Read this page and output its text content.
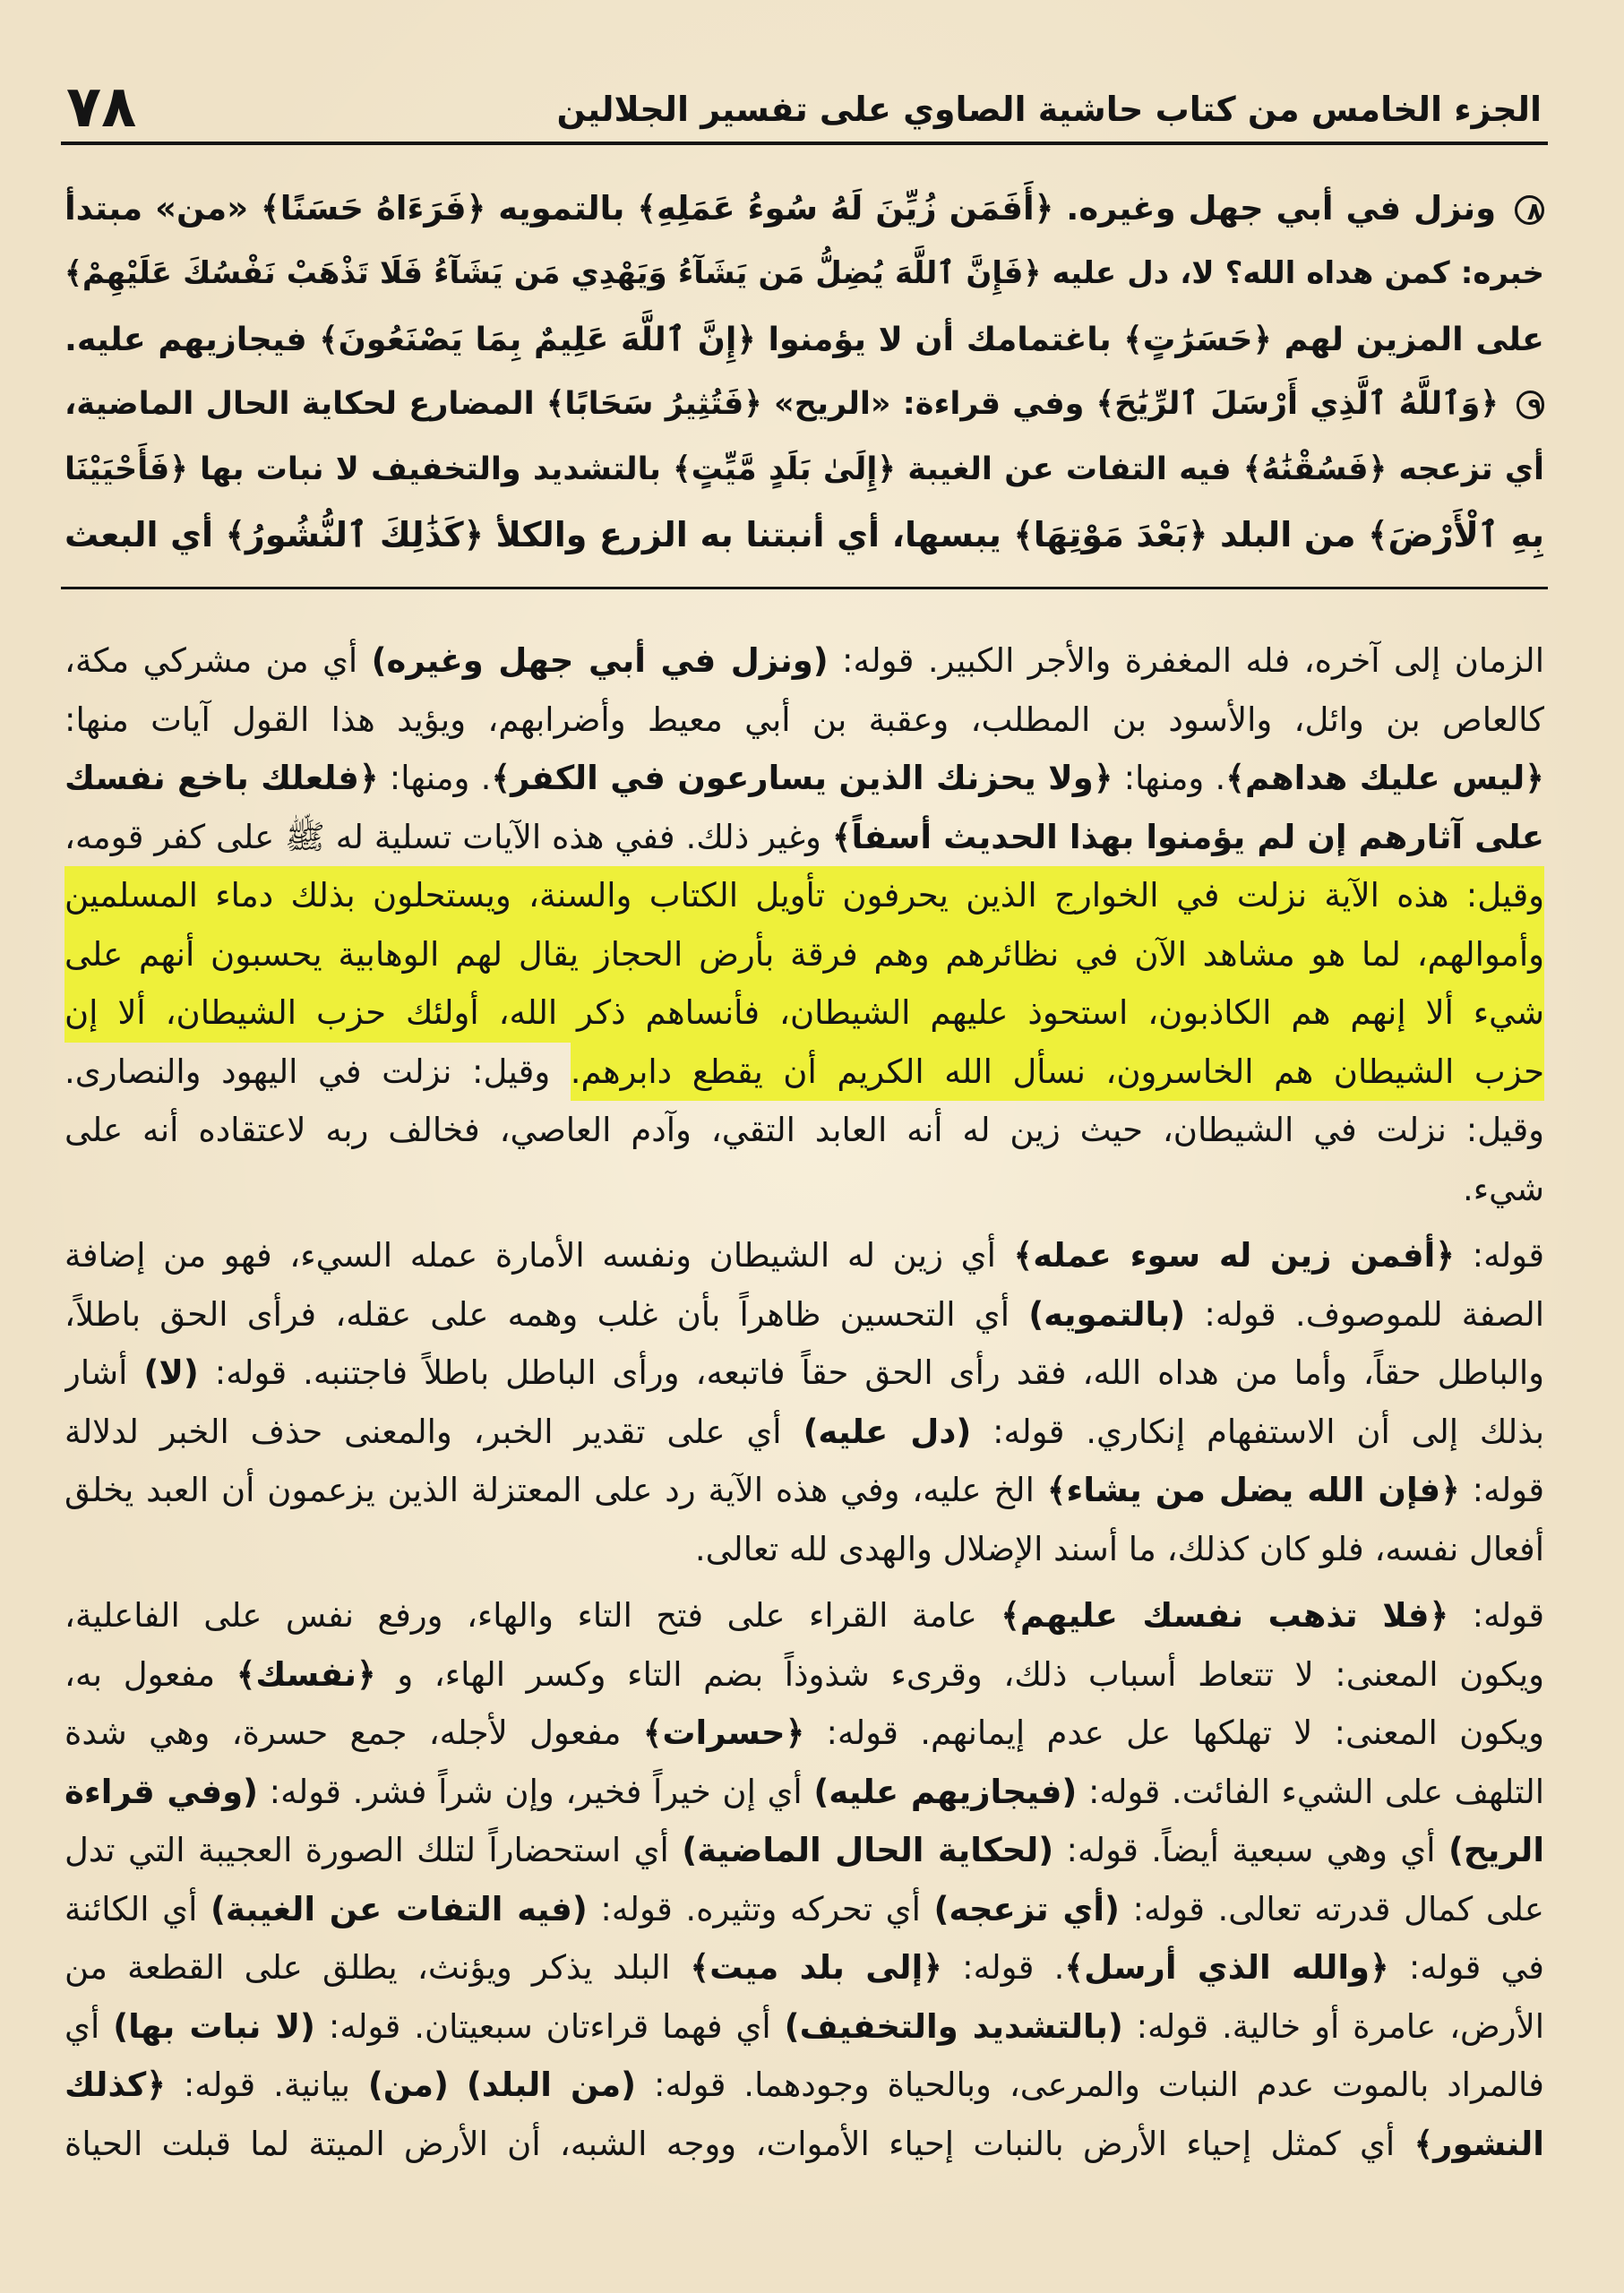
٧٨	الجزء الخامس من كتاب حاشية الصاوي على تفسير الجلالين
٨ ونزل في أبي جهل وغيره. ﴿أَفَمَن زُيِّنَ لَهُ سُوءُ عَمَلِهِ﴾ بالتمويه ﴿فَرَءَاهُ حَسَنًا﴾ «من» مبتدأ
خبره: كمن هداه الله؟ لا، دل عليه ﴿فَإِنَّ ٱللَّهَ يُضِلُّ مَن يَشَآءُ وَيَهْدِي مَن يَشَآءُ فَلَا تَذْهَبْ نَفْسُكَ عَلَيْهِمْ﴾
على المزين لهم ﴿حَسَرَٰتٍ﴾ باغتمامك أن لا يؤمنوا ﴿إِنَّ ٱللَّهَ عَلِيمٌ بِمَا يَصْنَعُونَ﴾ فيجازيهم عليه.
٩ ﴿وَٱللَّهُ ٱلَّذِي أَرْسَلَ ٱلرِّيَٰحَ﴾ وفي قراءة: «الريح» ﴿فَتُثِيرُ سَحَابًا﴾ المضارع لحكاية الحال الماضية،
أي تزعجه ﴿فَسُقْنَٰهُ﴾ فيه التفات عن الغيبة ﴿إِلَىٰ بَلَدٍ مَّيِّتٍ﴾ بالتشديد والتخفيف لا نبات بها ﴿فَأَحْيَيْنَا
بِهِ ٱلْأَرْضَ﴾ من البلد ﴿بَعْدَ مَوْتِهَا﴾ يبسها، أي أنبتنا به الزرع والكلأ ﴿كَذَٰلِكَ ٱلنُّشُورُ﴾ أي البعث
الزمان إلى آخره، فله المغفرة والأجر الكبير. قوله: (ونزل في أبي جهل وغيره) أي من مشركي مكة،
كالعاص بن وائل، والأسود بن المطلب، وعقبة بن أبي معيط وأضرابهم، ويؤيد هذا القول آيات منها:
﴿ليس عليك هداهم﴾. ومنها: ﴿ولا يحزنك الذين يسارعون في الكفر﴾. ومنها: ﴿فلعلك باخع نفسك
على آثارهم إن لم يؤمنوا بهذا الحديث أسفاً﴾ وغير ذلك. ففي هذه الآيات تسلية له ﷺ على كفر قومه،
وقيل: هذه الآية نزلت في الخوارج الذين يحرفون تأويل الكتاب والسنة، ويستحلون بذلك دماء المسلمين
وأموالهم، لما هو مشاهد الآن في نظائرهم وهم فرقة بأرض الحجاز يقال لهم الوهابية يحسبون أنهم على
شيء ألا إنهم هم الكاذبون، استحوذ عليهم الشيطان، فأنساهم ذكر الله، أولئك حزب الشيطان، ألا إن
حزب الشيطان هم الخاسرون، نسأل الله الكريم أن يقطع دابرهم. وقيل: نزلت في اليهود والنصارى.
وقيل: نزلت في الشيطان، حيث زين له أنه العابد التقي، وآدم العاصي، فخالف ربه لاعتقاده أنه على
شيء.
قوله: ﴿أفمن زين له سوء عمله﴾ أي زين له الشيطان ونفسه الأمارة عمله السيء، فهو من إضافة
الصفة للموصوف. قوله: (بالتمويه) أي التحسين ظاهراً بأن غلب وهمه على عقله، فرأى الحق باطلاً،
والباطل حقاً، وأما من هداه الله، فقد رأى الحق حقاً فاتبعه، ورأى الباطل باطلاً فاجتنبه. قوله: (لا) أشار
بذلك إلى أن الاستفهام إنكاري. قوله: (دل عليه) أي على تقدير الخبر، والمعنى حذف الخبر لدلالة
قوله: ﴿فإن الله يضل من يشاء﴾ الخ عليه، وفي هذه الآية رد على المعتزلة الذين يزعمون أن العبد يخلق
أفعال نفسه، فلو كان كذلك، ما أسند الإضلال والهدى لله تعالى.
قوله: ﴿فلا تذهب نفسك عليهم﴾ عامة القراء على فتح التاء والهاء، ورفع نفس على الفاعلية،
ويكون المعنى: لا تتعاط أسباب ذلك، وقرىء شذوذاً بضم التاء وكسر الهاء، و ﴿نفسك﴾ مفعول به،
ويكون المعنى: لا تهلكها عل عدم إيمانهم. قوله: ﴿حسرات﴾ مفعول لأجله، جمع حسرة، وهي شدة
التلهف على الشيء الفائت. قوله: (فيجازيهم عليه) أي إن خيراً فخير، وإن شراً فشر. قوله: (وفي قراءة
الريح) أي وهي سبعية أيضاً. قوله: (لحكاية الحال الماضية) أي استحضاراً لتلك الصورة العجيبة التي تدل
على كمال قدرته تعالى. قوله: (أي تزعجه) أي تحركه وتثيره. قوله: (فيه التفات عن الغيبة) أي الكائنة
في قوله: ﴿والله الذي أرسل﴾. قوله: ﴿إلى بلد ميت﴾ البلد يذكر ويؤنث، يطلق على القطعة من
الأرض، عامرة أو خالية. قوله: (بالتشديد والتخفيف) أي فهما قراءتان سبعيتان. قوله: (لا نبات بها) أي
فالمراد بالموت عدم النبات والمرعى، وبالحياة وجودهما. قوله: (من البلد) (من) بيانية. قوله: ﴿كذلك
النشور﴾ أي كمثل إحياء الأرض بالنبات إحياء الأموات، ووجه الشبه، أن الأرض الميتة لما قبلت الحياة
